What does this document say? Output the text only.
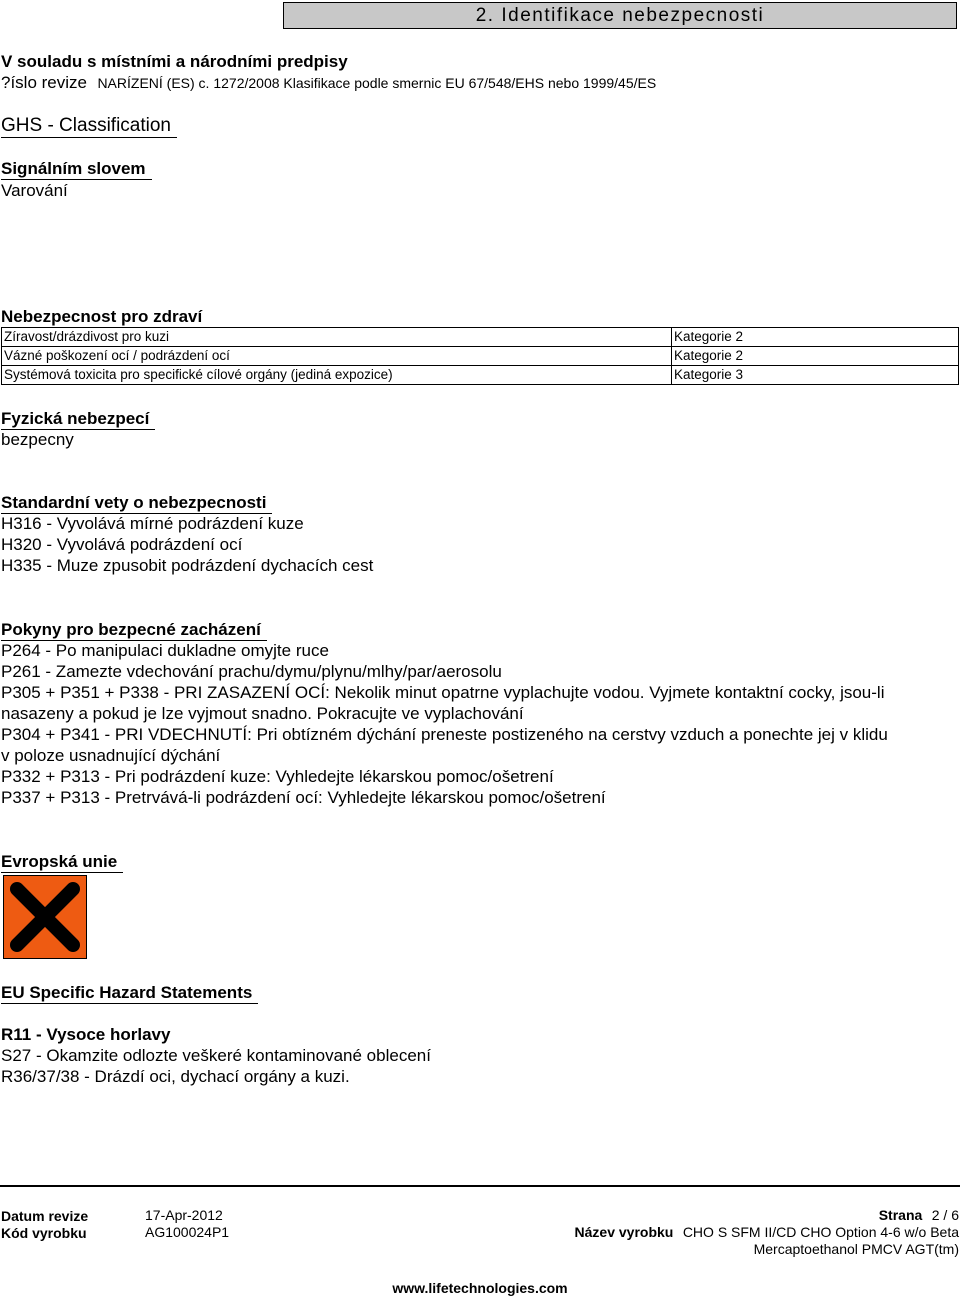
2. Identifikace nebezpecnosti
V souladu s místními a národními predpisy
?íslo revize NARÍZENÍ (ES) c. 1272/2008 Klasifikace podle smernic EU 67/548/EHS nebo 1999/45/ES
GHS - Classification
Signálním slovem
Varování
Nebezpecnost pro zdraví
Zíravost/drázdivost pro kuzi	Kategorie 2
Vázné poškození ocí / podrázdení ocí	Kategorie 2
Systémová toxicita pro specifické cílové orgány (jediná expozice)	Kategorie 3
Fyzická nebezpecí
bezpecny
Standardní vety o nebezpecnosti
H316 - Vyvolává mírné podrázdení kuze
H320 - Vyvolává podrázdení ocí
H335 - Muze zpusobit podrázdení dychacích cest
Pokyny pro bezpecné zacházení
P264 - Po manipulaci dukladne omyjte ruce
P261 - Zamezte vdechování prachu/dymu/plynu/mlhy/par/aerosolu
P305 + P351 + P338 - PRI ZASAZENÍ OCÍ: Nekolik minut opatrne vyplachujte vodou. Vyjmete kontaktní cocky, jsou-li
nasazeny a pokud je lze vyjmout snadno. Pokracujte ve vyplachování
P304 + P341 - PRI VDECHNUTÍ: Pri obtízném dýchání preneste postizeného na cerstvy vzduch a ponechte jej v klidu
v poloze usnadnující dýchání
P332 + P313 - Pri podrázdení kuze: Vyhledejte lékarskou pomoc/ošetrení
P337 + P313 - Pretrvává-li podrázdení ocí: Vyhledejte lékarskou pomoc/ošetrení
Evropská unie
EU Specific Hazard Statements
R11 - Vysoce horlavy
S27 - Okamzite odlozte veškeré kontaminované oblecení
R36/37/38 - Drázdí oci, dychací orgány a kuzi.
Datum revize	17-Apr-2012
Kód vyrobku	AG100024P1
Strana 2 / 6
Název vyrobku CHO S SFM II/CD CHO Option 4-6 w/o Beta
Mercaptoethanol PMCV AGT(tm)
www.lifetechnologies.com
